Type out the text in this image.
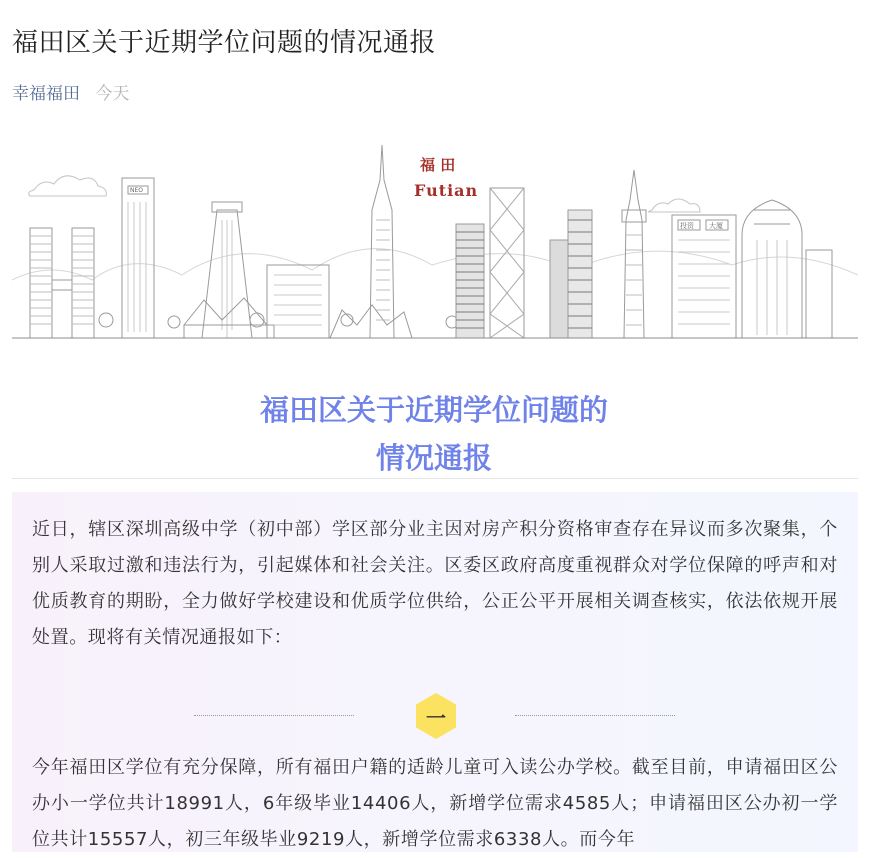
福田区关于近期学位问题的情况通报
幸福福田 今天
福 田
Futian
NEO
投资 大厦
福田区关于近期学位问题的
情况通报

近日，辖区深圳高级中学（初中部）学区部分业主因对房产积分资格审查存在异议而多次聚集，个别人采取过激和违法行为，引起媒体和社会关注。区委区政府高度重视群众对学位保障的呼声和对优质教育的期盼，全力做好学校建设和优质学位供给，公正公平开展相关调查核实，依法依规开展处置。现将有关情况通报如下：

一

今年福田区学位有充分保障，所有福田户籍的适龄儿童可入读公办学校。截至目前，申请福田区公办小一学位共计18991人，6年级毕业14406人，新增学位需求4585人；申请福田区公办初一学位共计15557人，初三年级毕业9219人，新增学位需求6338人。而今年
